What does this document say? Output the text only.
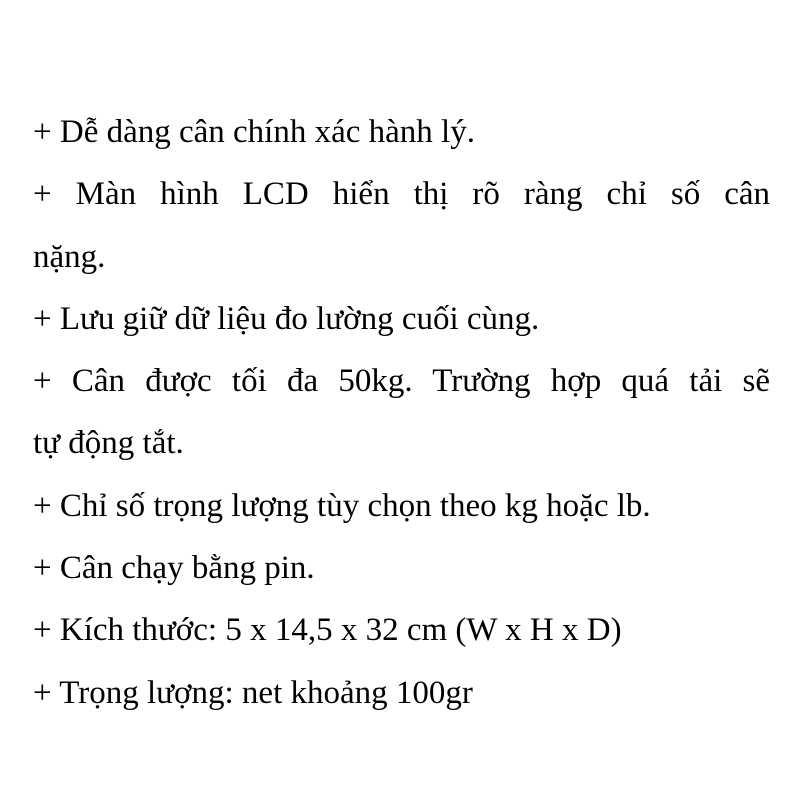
+ Dễ dàng cân chính xác hành lý.
+ Màn hình LCD hiển thị rõ ràng chỉ số cân
nặng.
+ Lưu giữ dữ liệu đo lường cuối cùng.
+ Cân được tối đa 50kg. Trường hợp quá tải sẽ
tự động tắt.
+ Chỉ số trọng lượng tùy chọn theo kg hoặc lb.
+ Cân chạy bằng pin.
+ Kích thước: 5 x 14,5 x 32 cm (W x H x D)
+ Trọng lượng: net khoảng 100gr
